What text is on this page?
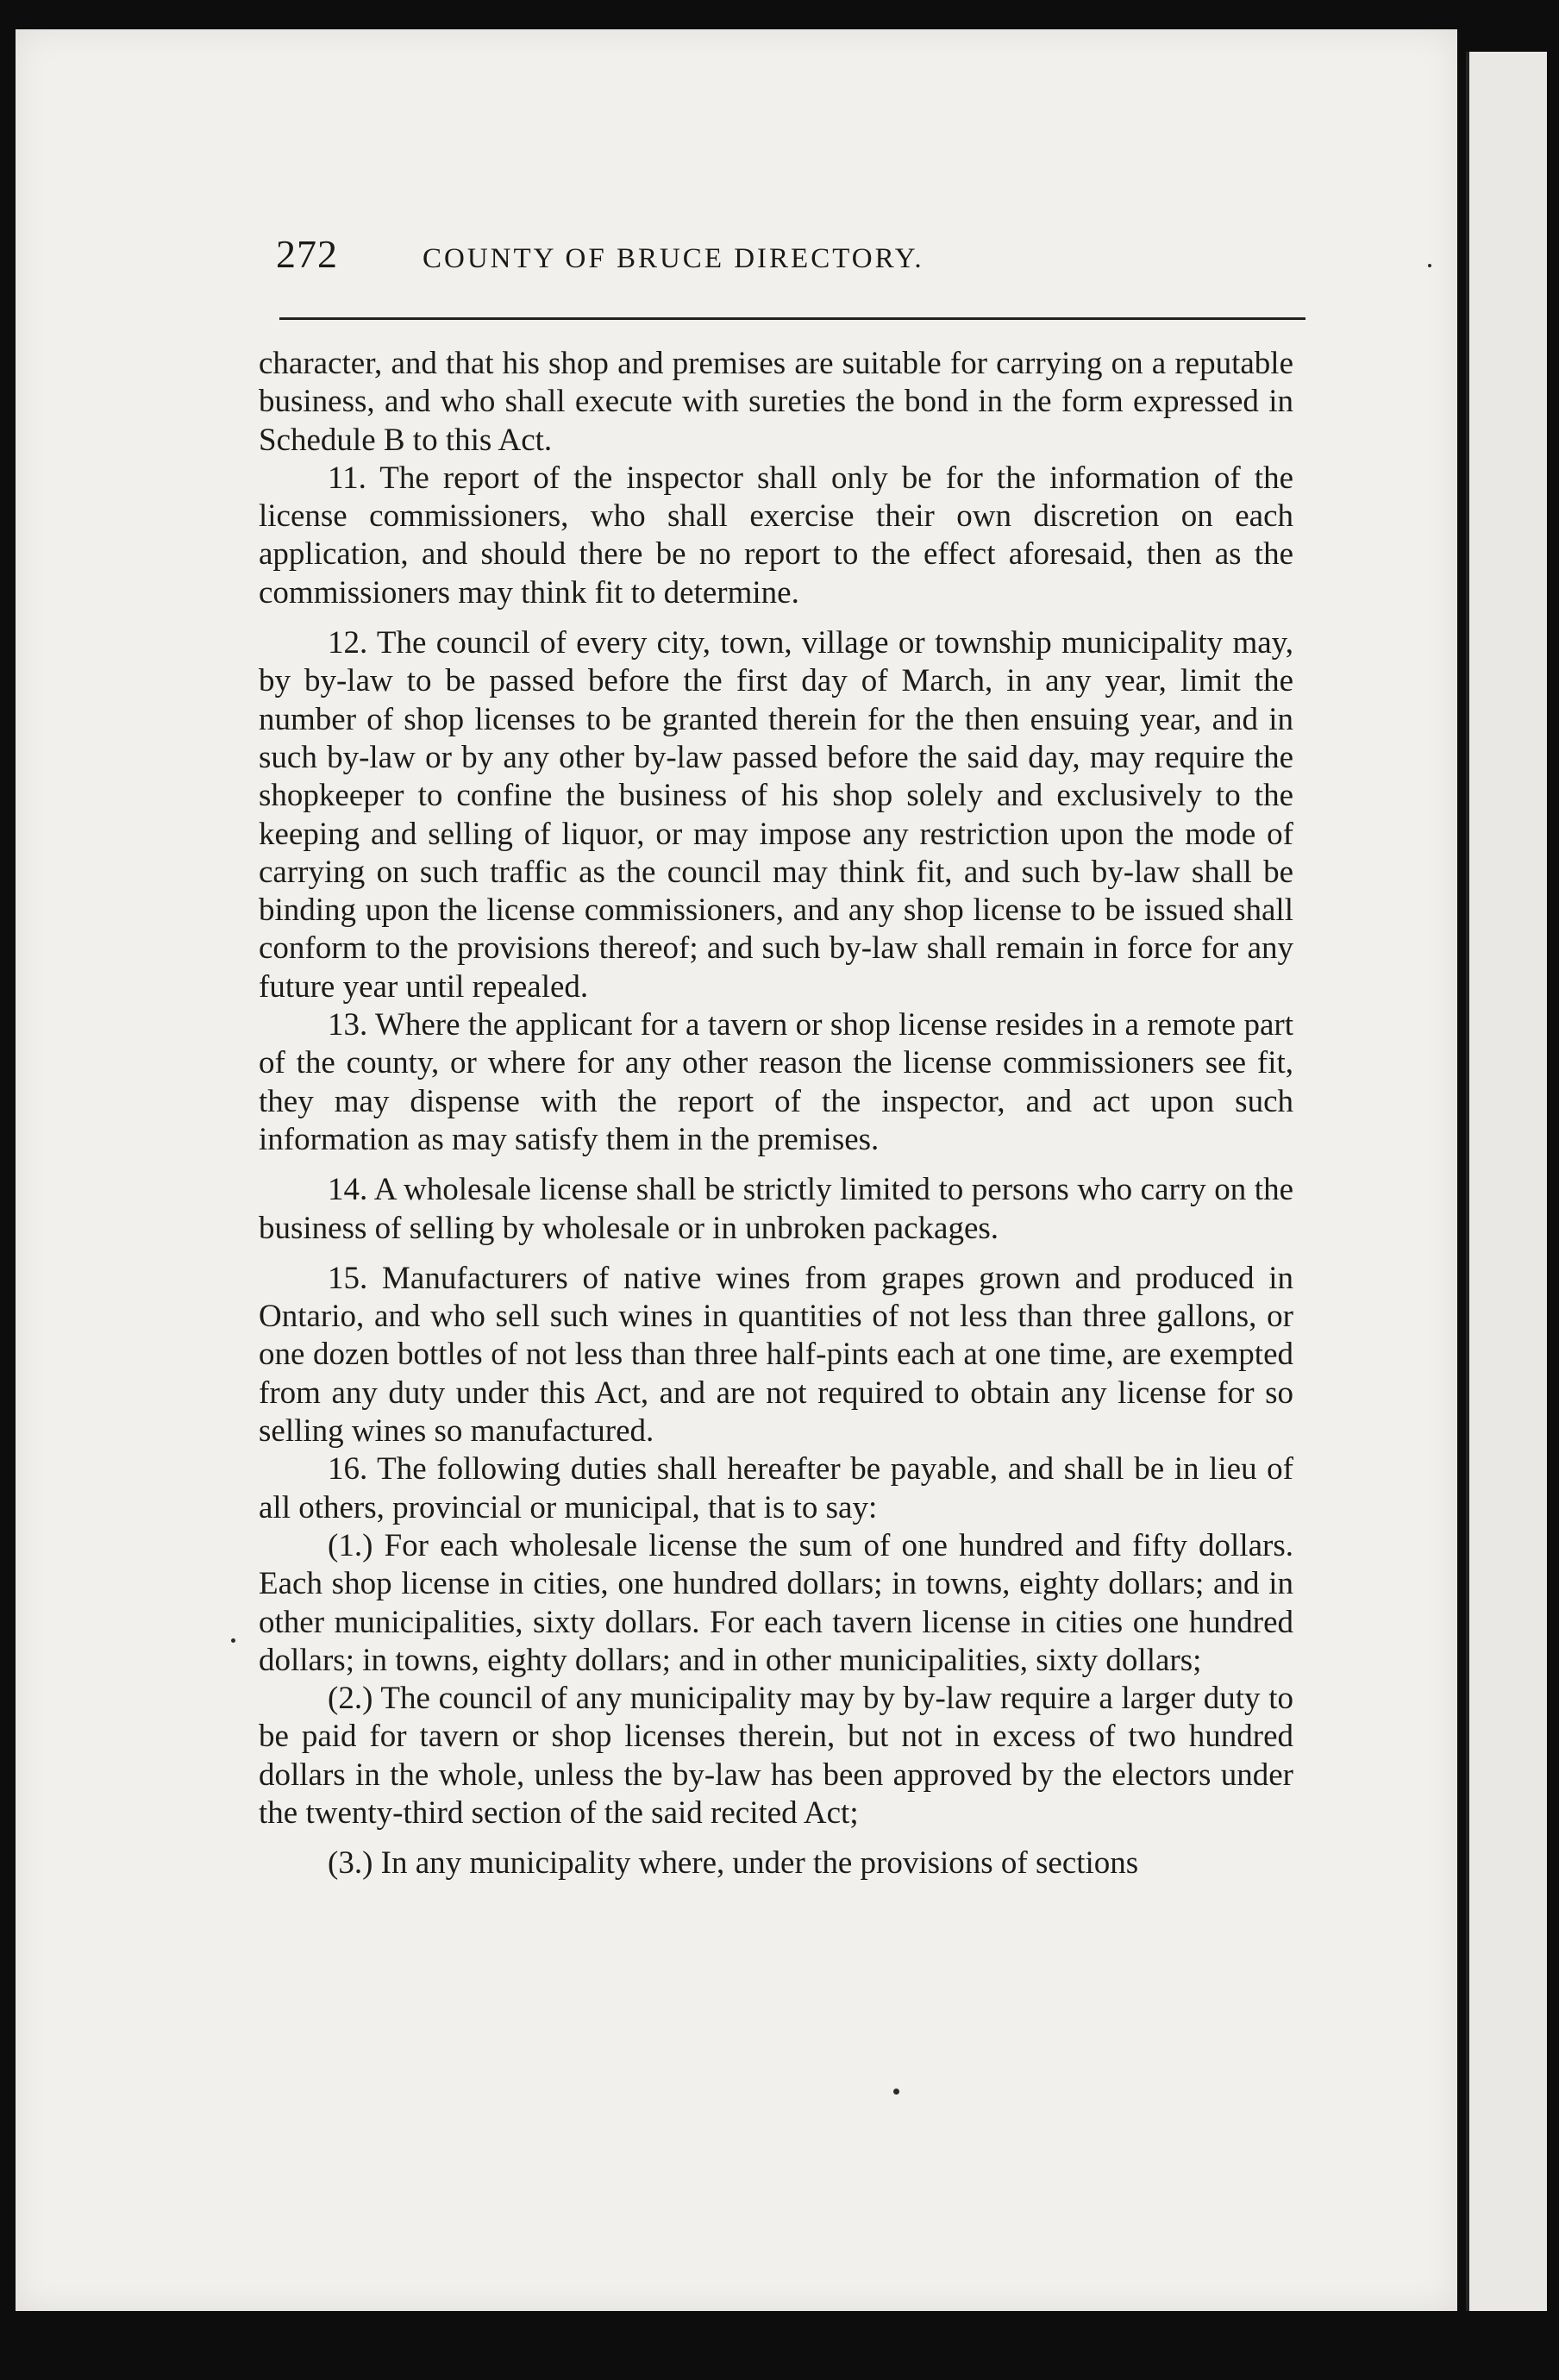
272	COUNTY OF BRUCE DIRECTORY.

character, and that his shop and premises are suitable for carrying on a reputable business, and who shall execute with sureties the bond in the form expressed in Schedule B to this Act.

11. The report of the inspector shall only be for the information of the license commissioners, who shall exercise their own discretion on each application, and should there be no report to the effect aforesaid, then as the commissioners may think fit to determine.

12. The council of every city, town, village or township municipality may, by by-law to be passed before the first day of March, in any year, limit the number of shop licenses to be granted therein for the then ensuing year, and in such by-law or by any other by-law passed before the said day, may require the shopkeeper to confine the business of his shop solely and exclusively to the keeping and selling of liquor, or may impose any restriction upon the mode of carrying on such traffic as the council may think fit, and such by-law shall be binding upon the license commissioners, and any shop license to be issued shall conform to the provisions thereof; and such by-law shall remain in force for any future year until repealed.

13. Where the applicant for a tavern or shop license resides in a remote part of the county, or where for any other reason the license commissioners see fit, they may dispense with the report of the inspector, and act upon such information as may satisfy them in the premises.

14. A wholesale license shall be strictly limited to persons who carry on the business of selling by wholesale or in unbroken packages.

15. Manufacturers of native wines from grapes grown and produced in Ontario, and who sell such wines in quantities of not less than three gallons, or one dozen bottles of not less than three half-pints each at one time, are exempted from any duty under this Act, and are not required to obtain any license for so selling wines so manufactured.

16. The following duties shall hereafter be payable, and shall be in lieu of all others, provincial or municipal, that is to say:

(1.) For each wholesale license the sum of one hundred and fifty dollars. Each shop license in cities, one hundred dollars; in towns, eighty dollars; and in other municipalities, sixty dollars. For each tavern license in cities one hundred dollars; in towns, eighty dollars; and in other municipalities, sixty dollars;

(2.) The council of any municipality may by by-law require a larger duty to be paid for tavern or shop licenses therein, but not in excess of two hundred dollars in the whole, unless the by-law has been approved by the electors under the twenty-third section of the said recited Act;

(3.) In any municipality where, under the provisions of sections
